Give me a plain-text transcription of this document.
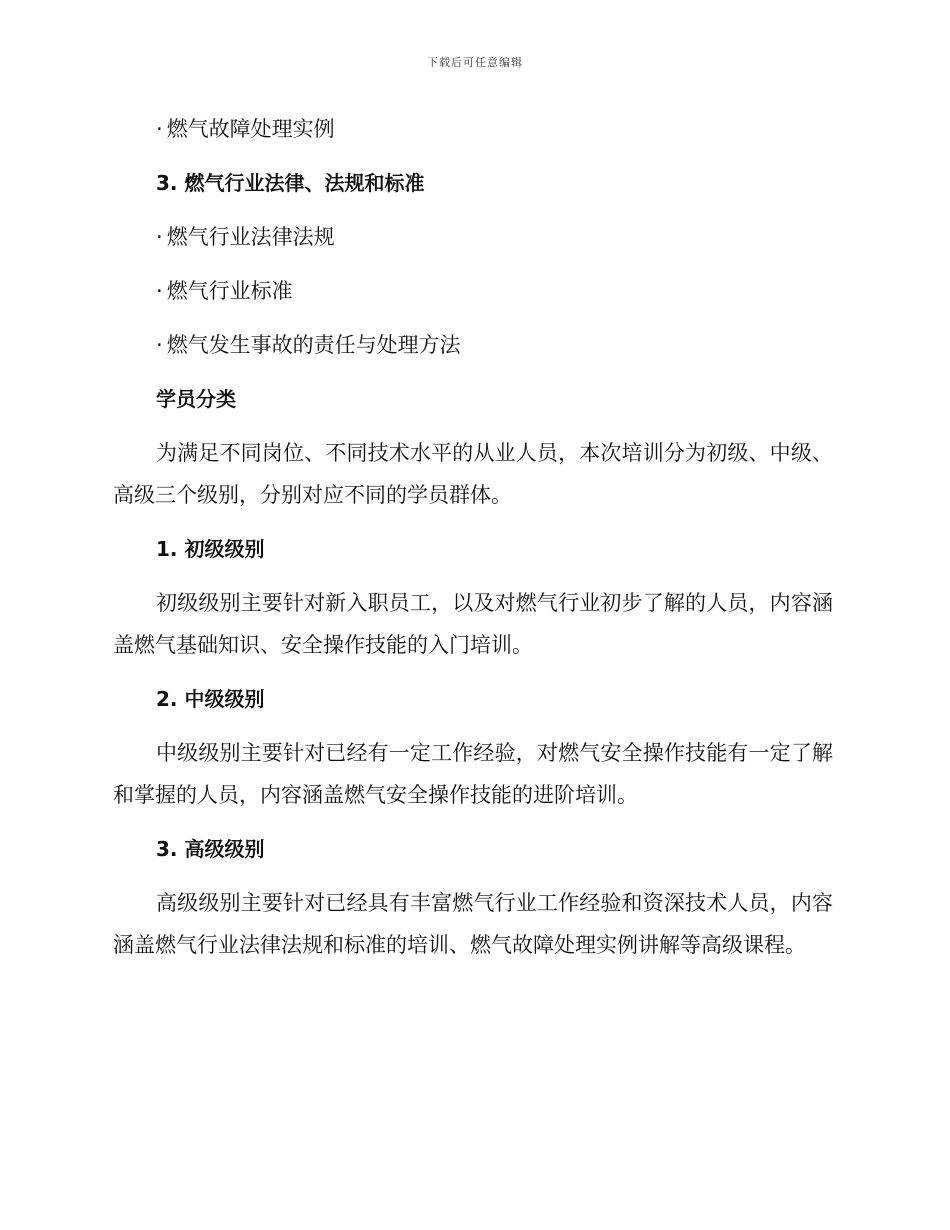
下载后可任意编辑

· 燃气故障处理实例

3. 燃气行业法律、法规和标准

· 燃气行业法律法规

· 燃气行业标准

· 燃气发生事故的责任与处理方法

学员分类

为满足不同岗位、不同技术水平的从业人员，本次培训分为初级、中级、高级三个级别，分别对应不同的学员群体。

1. 初级级别

初级级别主要针对新入职员工，以及对燃气行业初步了解的人员，内容涵盖燃气基础知识、安全操作技能的入门培训。

2. 中级级别

中级级别主要针对已经有一定工作经验，对燃气安全操作技能有一定了解和掌握的人员，内容涵盖燃气安全操作技能的进阶培训。

3. 高级级别

高级级别主要针对已经具有丰富燃气行业工作经验和资深技术人员，内容涵盖燃气行业法律法规和标准的培训、燃气故障处理实例讲解等高级课程。
